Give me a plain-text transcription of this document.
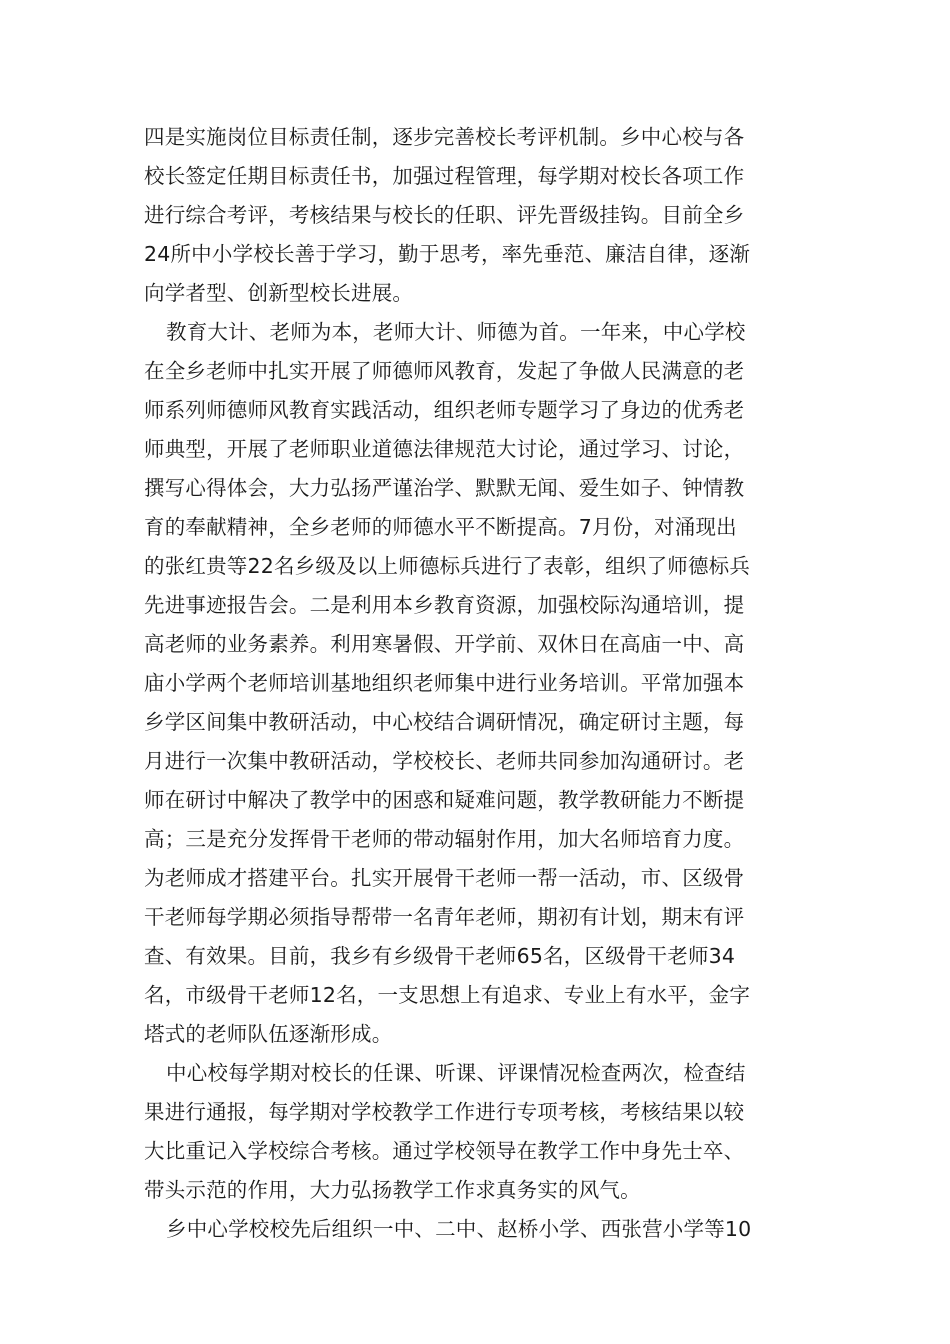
四是实施岗位目标责任制，逐步完善校长考评机制。乡中心校与各
校长签定任期目标责任书，加强过程管理，每学期对校长各项工作
进行综合考评，考核结果与校长的任职、评先晋级挂钩。目前全乡
24所中小学校长善于学习，勤于思考，率先垂范、廉洁自律，逐渐
向学者型、创新型校长进展。
教育大计、老师为本，老师大计、师德为首。一年来，中心学校
在全乡老师中扎实开展了师德师风教育，发起了争做人民满意的老
师系列师德师风教育实践活动，组织老师专题学习了身边的优秀老
师典型，开展了老师职业道德法律规范大讨论，通过学习、讨论，
撰写心得体会，大力弘扬严谨治学、默默无闻、爱生如子、钟情教
育的奉献精神，全乡老师的师德水平不断提高。7月份，对涌现出
的张红贵等22名乡级及以上师德标兵进行了表彰，组织了师德标兵
先进事迹报告会。二是利用本乡教育资源，加强校际沟通培训，提
高老师的业务素养。利用寒暑假、开学前、双休日在高庙一中、高
庙小学两个老师培训基地组织老师集中进行业务培训。平常加强本
乡学区间集中教研活动，中心校结合调研情况，确定研讨主题，每
月进行一次集中教研活动，学校校长、老师共同参加沟通研讨。老
师在研讨中解决了教学中的困惑和疑难问题，教学教研能力不断提
高；三是充分发挥骨干老师的带动辐射作用，加大名师培育力度。
为老师成才搭建平台。扎实开展骨干老师一帮一活动，市、区级骨
干老师每学期必须指导帮带一名青年老师，期初有计划，期末有评
查、有效果。目前，我乡有乡级骨干老师65名，区级骨干老师34
名，市级骨干老师12名，一支思想上有追求、专业上有水平，金字
塔式的老师队伍逐渐形成。
中心校每学期对校长的任课、听课、评课情况检查两次，检查结
果进行通报，每学期对学校教学工作进行专项考核，考核结果以较
大比重记入学校综合考核。通过学校领导在教学工作中身先士卒、
带头示范的作用，大力弘扬教学工作求真务实的风气。
乡中心学校校先后组织一中、二中、赵桥小学、西张营小学等10
